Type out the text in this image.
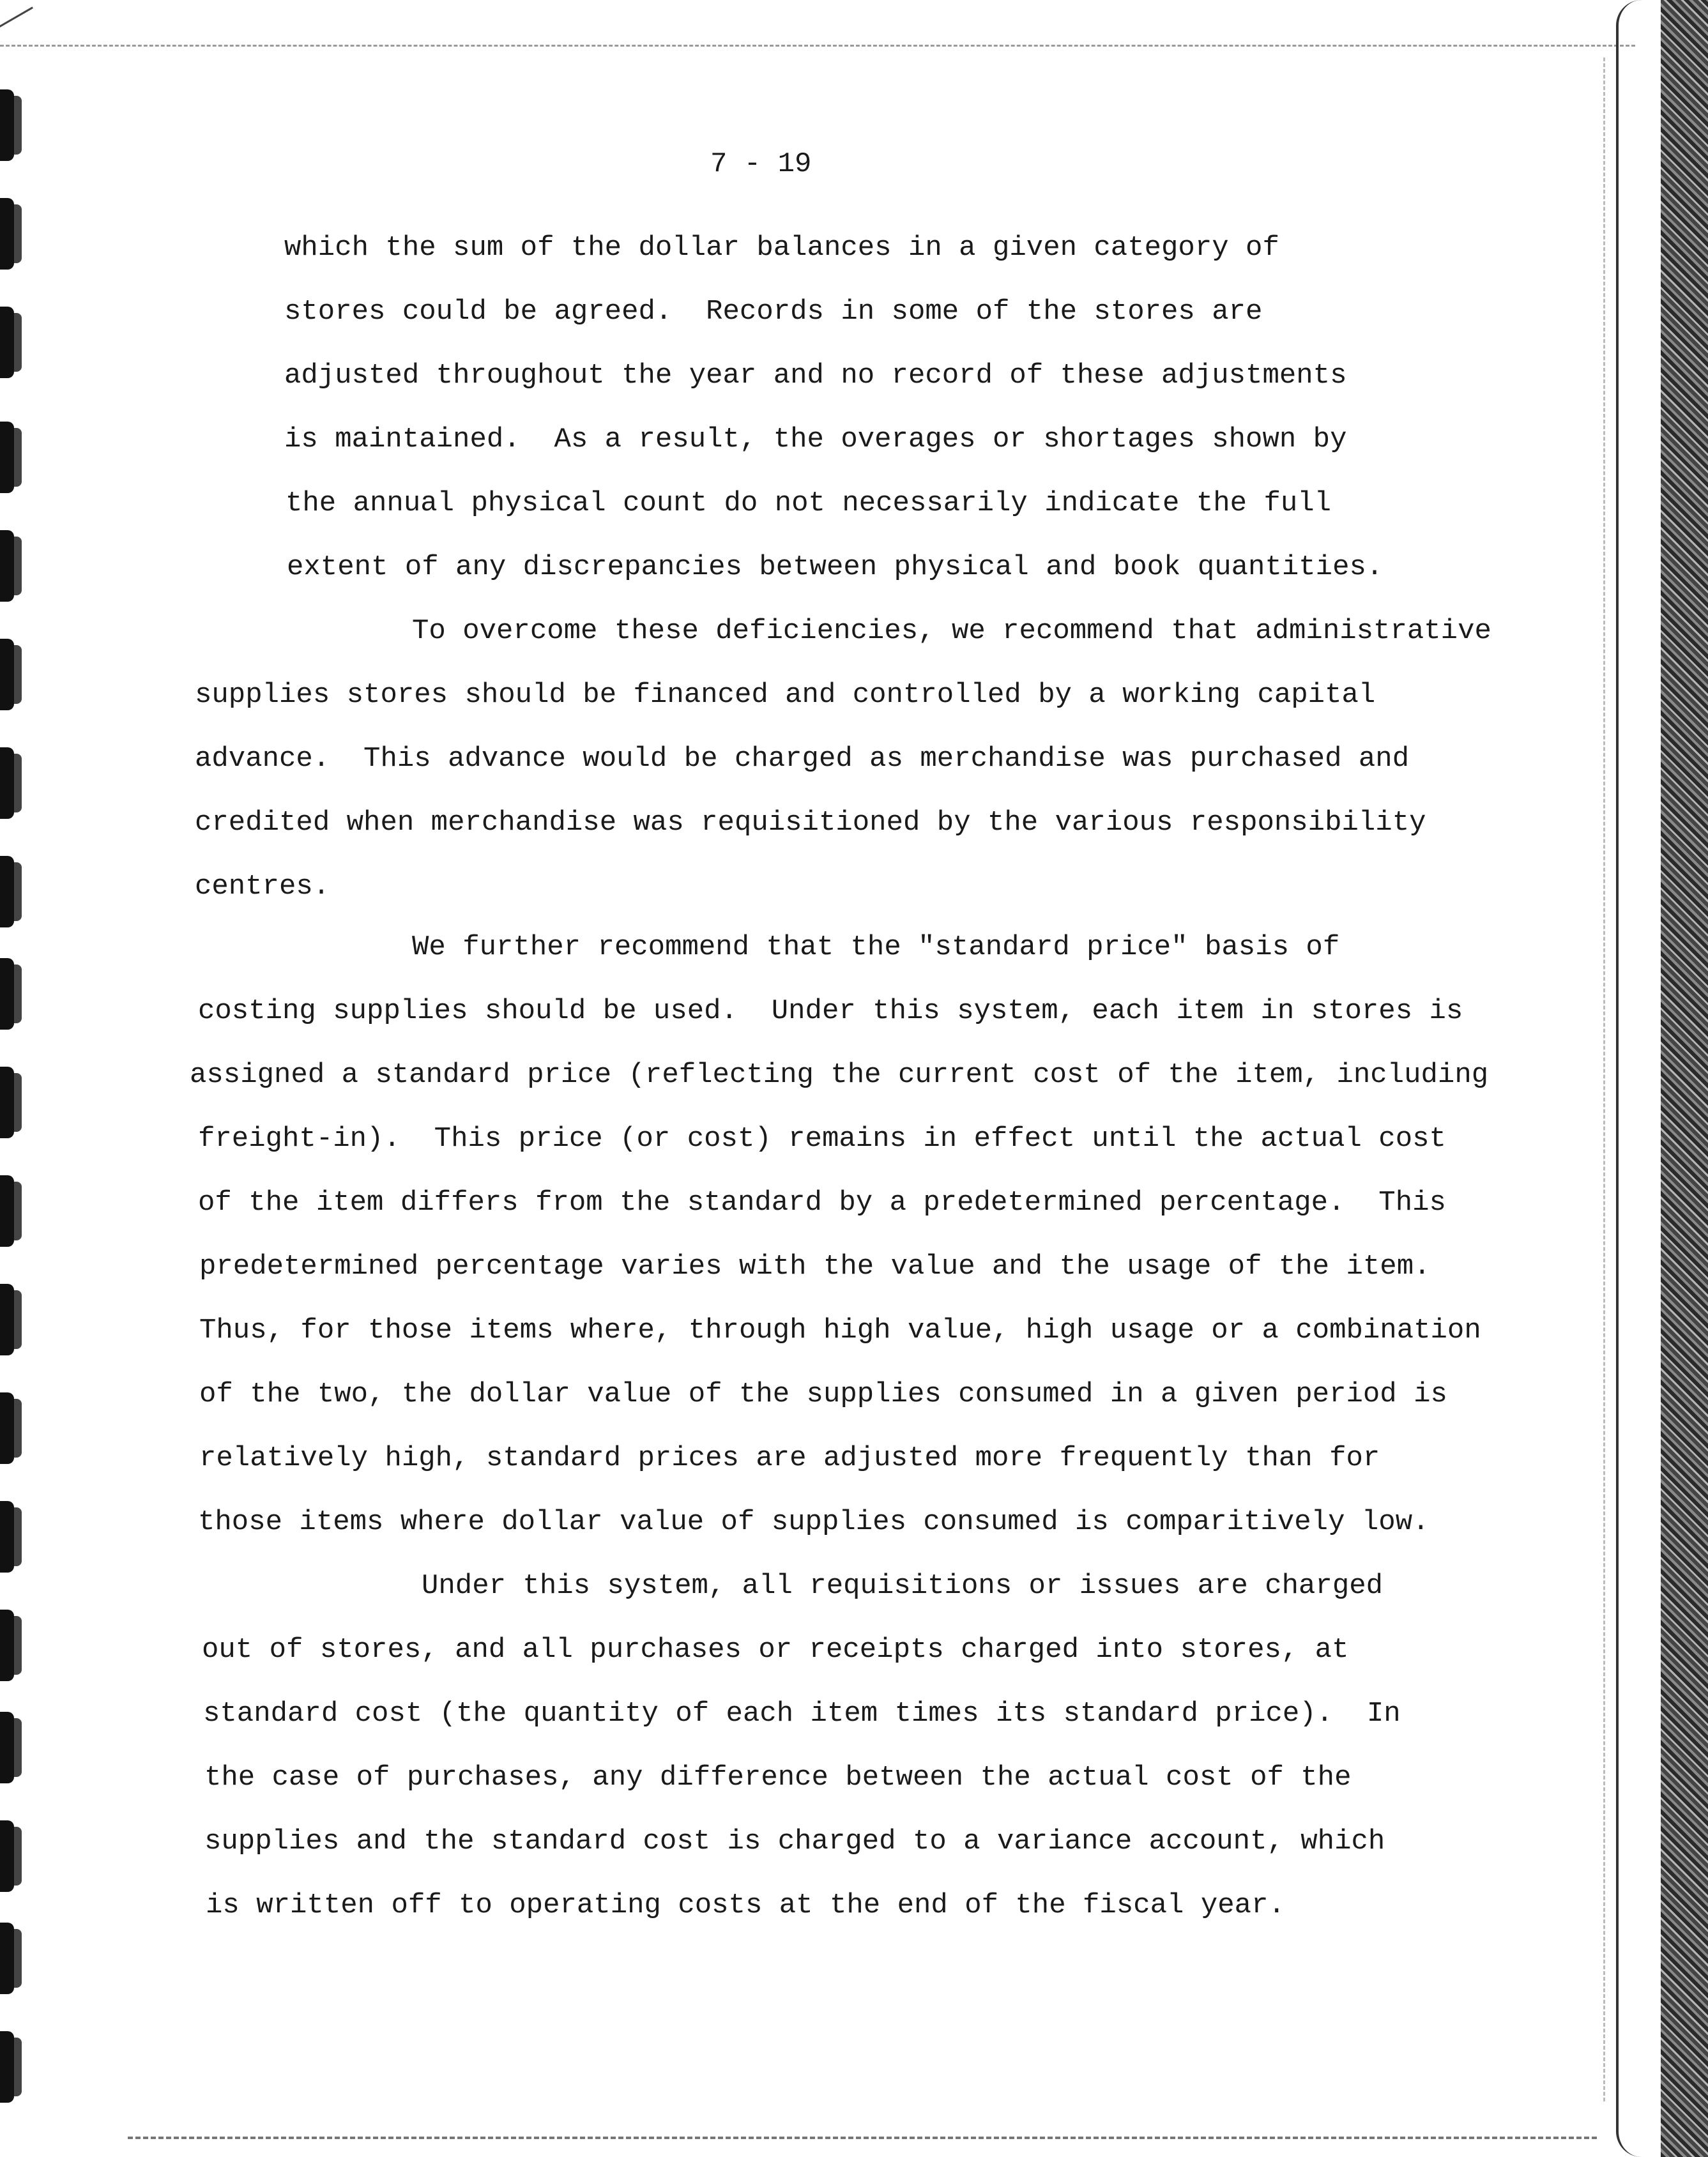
7 - 19
which the sum of the dollar balances in a given category of
stores could be agreed.  Records in some of the stores are
adjusted throughout the year and no record of these adjustments
is maintained.  As a result, the overages or shortages shown by
the annual physical count do not necessarily indicate the full
extent of any discrepancies between physical and book quantities.
To overcome these deficiencies, we recommend that administrative
supplies stores should be financed and controlled by a working capital
advance.  This advance would be charged as merchandise was purchased and
credited when merchandise was requisitioned by the various responsibility
centres.
We further recommend that the "standard price" basis of
costing supplies should be used.  Under this system, each item in stores is
assigned a standard price (reflecting the current cost of the item, including
freight-in).  This price (or cost) remains in effect until the actual cost
of the item differs from the standard by a predetermined percentage.  This
predetermined percentage varies with the value and the usage of the item.
Thus, for those items where, through high value, high usage or a combination
of the two, the dollar value of the supplies consumed in a given period is
relatively high, standard prices are adjusted more frequently than for
those items where dollar value of supplies consumed is comparitively low.
Under this system, all requisitions or issues are charged
out of stores, and all purchases or receipts charged into stores, at
standard cost (the quantity of each item times its standard price).  In
the case of purchases, any difference between the actual cost of the
supplies and the standard cost is charged to a variance account, which
is written off to operating costs at the end of the fiscal year.
